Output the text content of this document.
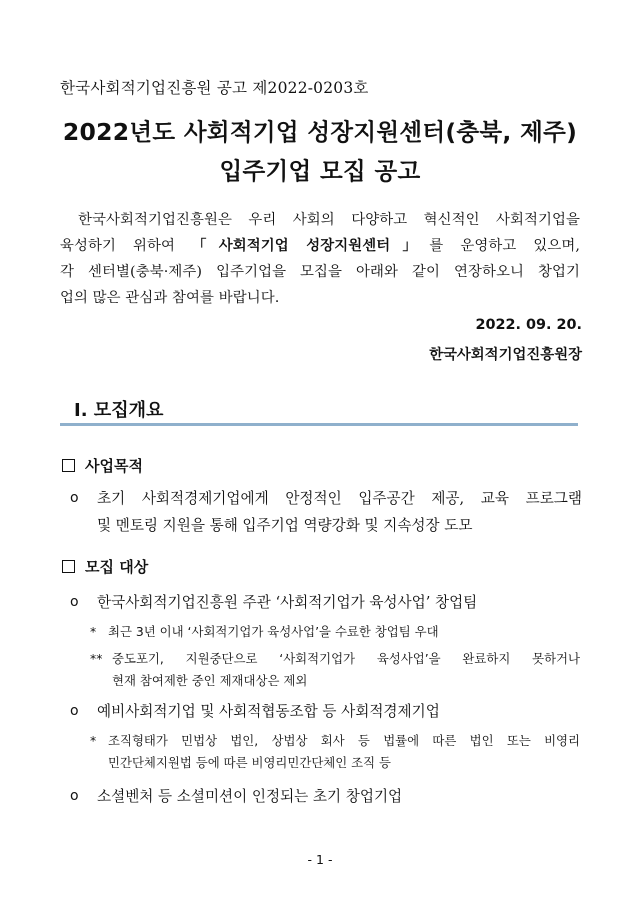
한국사회적기업진흥원 공고 제2022-0203호
2022년도 사회적기업 성장지원센터(충북, 제주)
입주기업 모집 공고
한국사회적기업진흥원은 우리 사회의 다양하고 혁신적인 사회적기업을
육성하기 위하여 「사회적기업 성장지원센터」를 운영하고 있으며,
각 센터별(충북·제주) 입주기업을 모집을 아래와 같이 연장하오니 창업기
업의 많은 관심과 참여를 바랍니다.
2022. 09. 20.
한국사회적기업진흥원장
Ⅰ. 모집개요
사업목적
o 초기 사회적경제기업에게 안정적인 입주공간 제공, 교육 프로그램
및 멘토링 지원을 통해 입주기업 역량강화 및 지속성장 도모
모집 대상
o 한국사회적기업진흥원 주관 ‘사회적기업가 육성사업’ 창업팀
* 최근 3년 이내 ‘사회적기업가 육성사업’을 수료한 창업팀 우대
** 중도포기, 지원중단으로 ‘사회적기업가 육성사업’을 완료하지 못하거나
현재 참여제한 중인 제재대상은 제외
o 예비사회적기업 및 사회적협동조합 등 사회적경제기업
* 조직형태가 민법상 법인, 상법상 회사 등 법률에 따른 법인 또는 비영리
민간단체지원법 등에 따른 비영리민간단체인 조직 등
o 소셜벤처 등 소셜미션이 인정되는 초기 창업기업
- 1 -
